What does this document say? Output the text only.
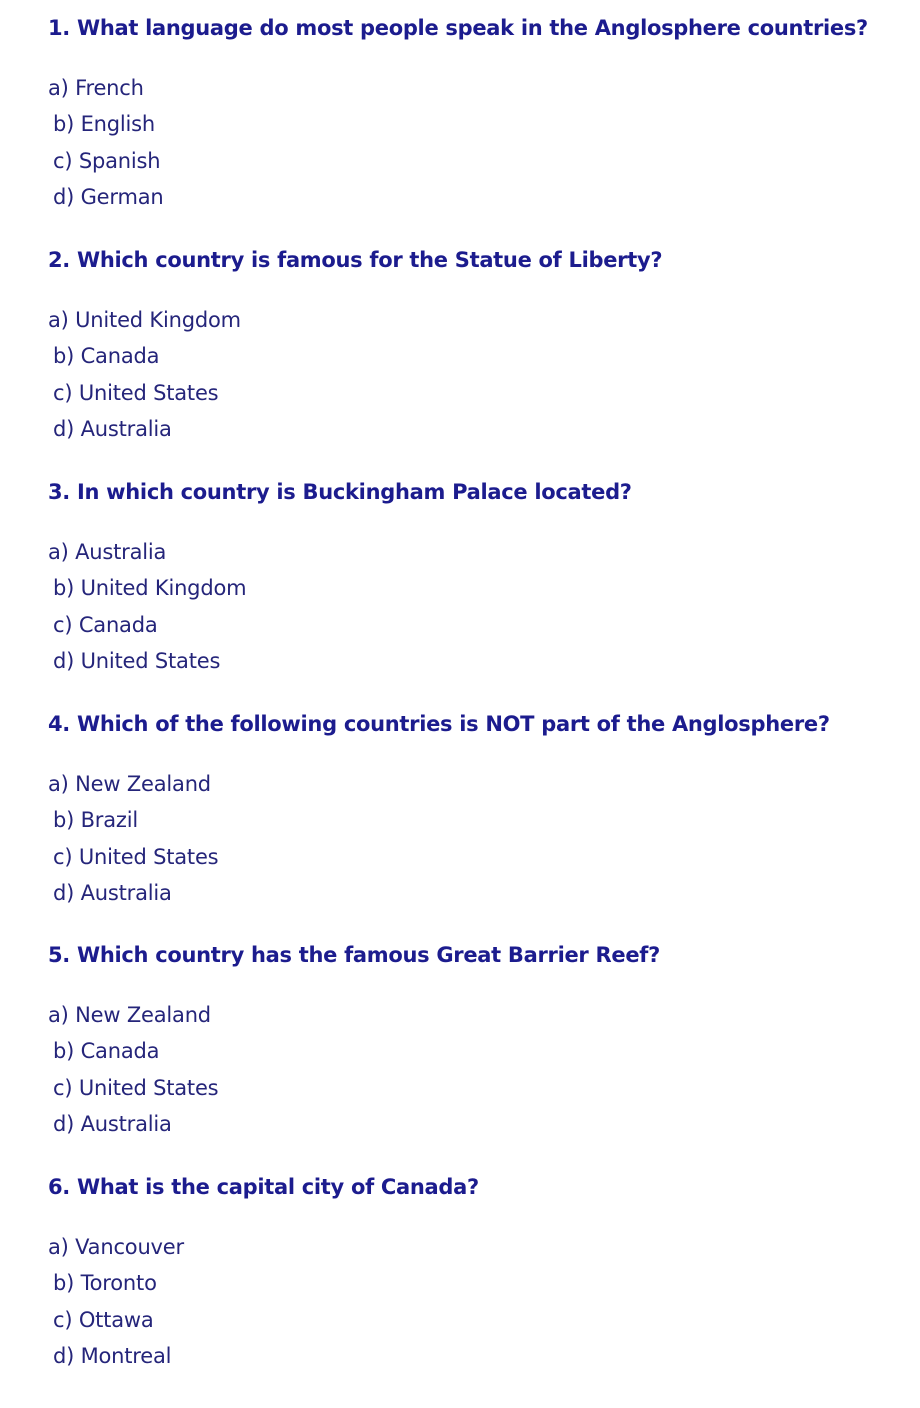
1. What language do most people speak in the Anglosphere countries?

a) French

b) English

c) Spanish

d) German

2. Which country is famous for the Statue of Liberty?

a) United Kingdom

b) Canada

c) United States

d) Australia

3. In which country is Buckingham Palace located?

a) Australia

b) United Kingdom

c) Canada

d) United States

4. Which of the following countries is NOT part of the Anglosphere?

a) New Zealand

b) Brazil

c) United States

d) Australia

5. Which country has the famous Great Barrier Reef?

a) New Zealand

b) Canada

c) United States

d) Australia

6. What is the capital city of Canada?

a) Vancouver

b) Toronto

c) Ottawa

d) Montreal
